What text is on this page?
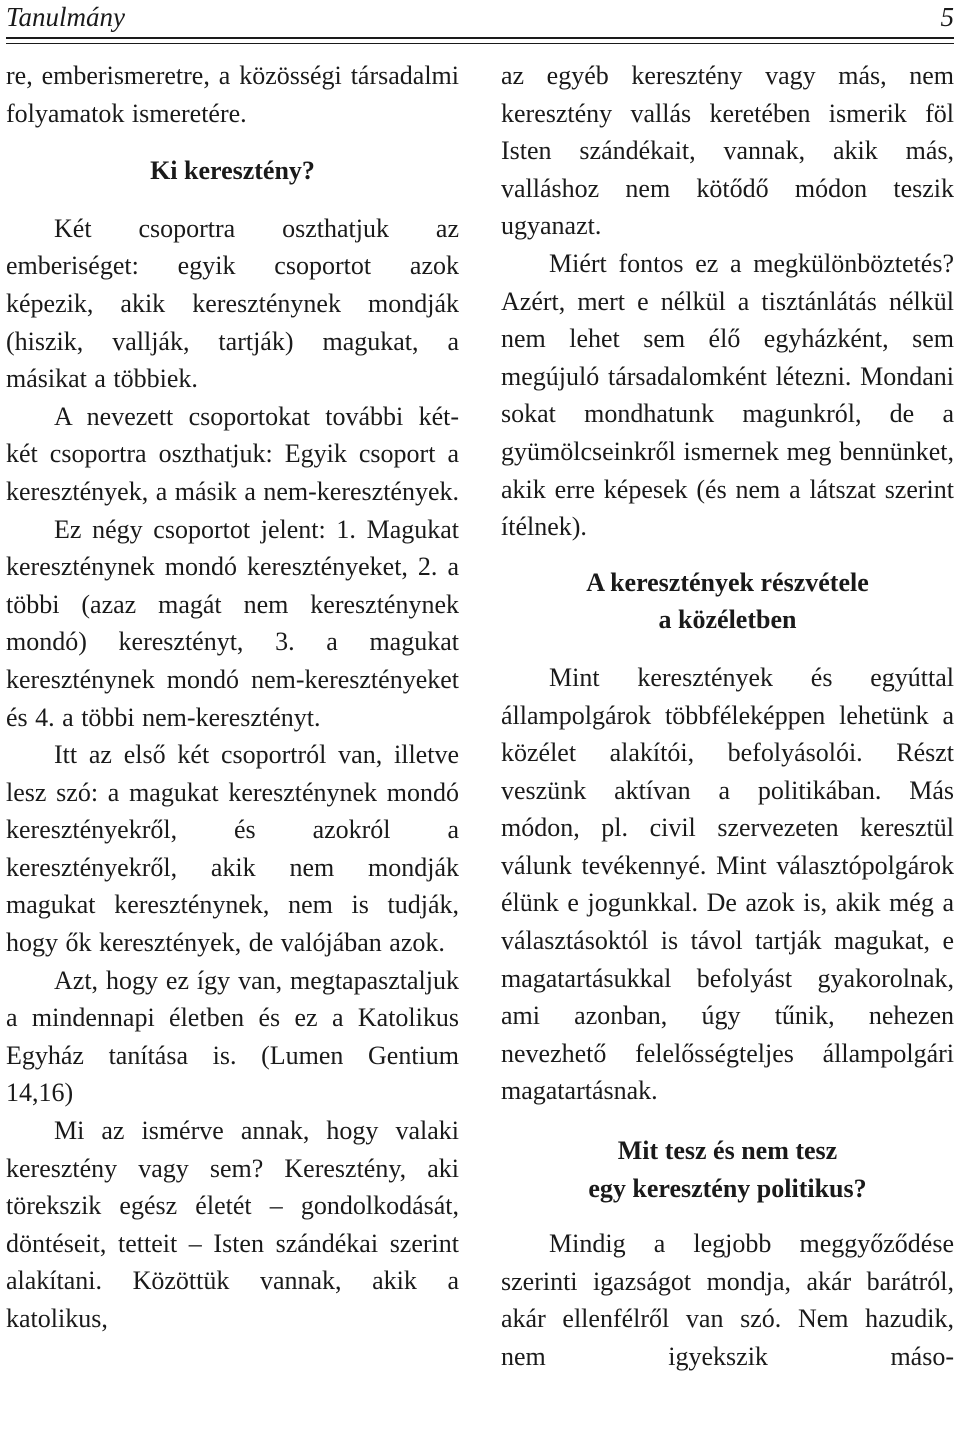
Tanulmány	5

re, emberismeretre, a közösségi társadalmi folyamatok ismeretére.

Ki keresztény?

Két csoportra oszthatjuk az emberiséget: egyik csoportot azok képezik, akik kereszténynek mondják (hiszik, vallják, tartják) magukat, a másikat a többiek.

A nevezett csoportokat további két-két csoportra oszthatjuk: Egyik csoport a keresztények, a másik a nem-keresztények.

Ez négy csoportot jelent: 1. Magukat kereszténynek mondó keresztényeket, 2. a többi (azaz magát nem kereszténynek mondó) keresztényt, 3. a magukat kereszténynek mondó nem-keresztényeket és 4. a többi nem-keresztényt.

Itt az első két csoportról van, illetve lesz szó: a magukat kereszténynek mondó keresztényekről, és azokról a keresztényekről, akik nem mondják magukat kereszténynek, nem is tudják, hogy ők keresztények, de valójában azok.

Azt, hogy ez így van, megtapasztaljuk a mindennapi életben és ez a Katolikus Egyház tanítása is. (Lumen Gentium 14,16)

Mi az ismérve annak, hogy valaki keresztény vagy sem? Keresztény, aki törekszik egész életét – gondolkodását, döntéseit, tetteit – Isten szándékai szerint alakítani. Közöttük vannak, akik a katolikus,

az egyéb keresztény vagy más, nem keresztény vallás keretében ismerik föl Isten szándékait, vannak, akik más, valláshoz nem kötődő módon teszik ugyanazt.

Miért fontos ez a megkülönböztetés? Azért, mert e nélkül a tisztánlátás nélkül nem lehet sem élő egyházként, sem megújuló társadalomként létezni. Mondani sokat mondhatunk magunkról, de a gyümölcseinkről ismernek meg bennünket, akik erre képesek (és nem a látszat szerint ítélnek).

A keresztények részvétele
a közéletben

Mint keresztények és egyúttal állampolgárok többféleképpen lehetünk a közélet alakítói, befolyásolói. Részt veszünk aktívan a politikában. Más módon, pl. civil szervezeten keresztül válunk tevékennyé. Mint választópolgárok élünk e jogunkkal. De azok is, akik még a választásoktól is távol tartják magukat, e magatartásukkal befolyást gyakorolnak, ami azonban, úgy tűnik, nehezen nevezhető felelősségteljes állampolgári magatartásnak.

Mit tesz és nem tesz
egy keresztény politikus?

Mindig a legjobb meggyőződése szerinti igazságot mondja, akár barátról, akár ellenfélről van szó. Nem hazudik, nem igyekszik máso-
